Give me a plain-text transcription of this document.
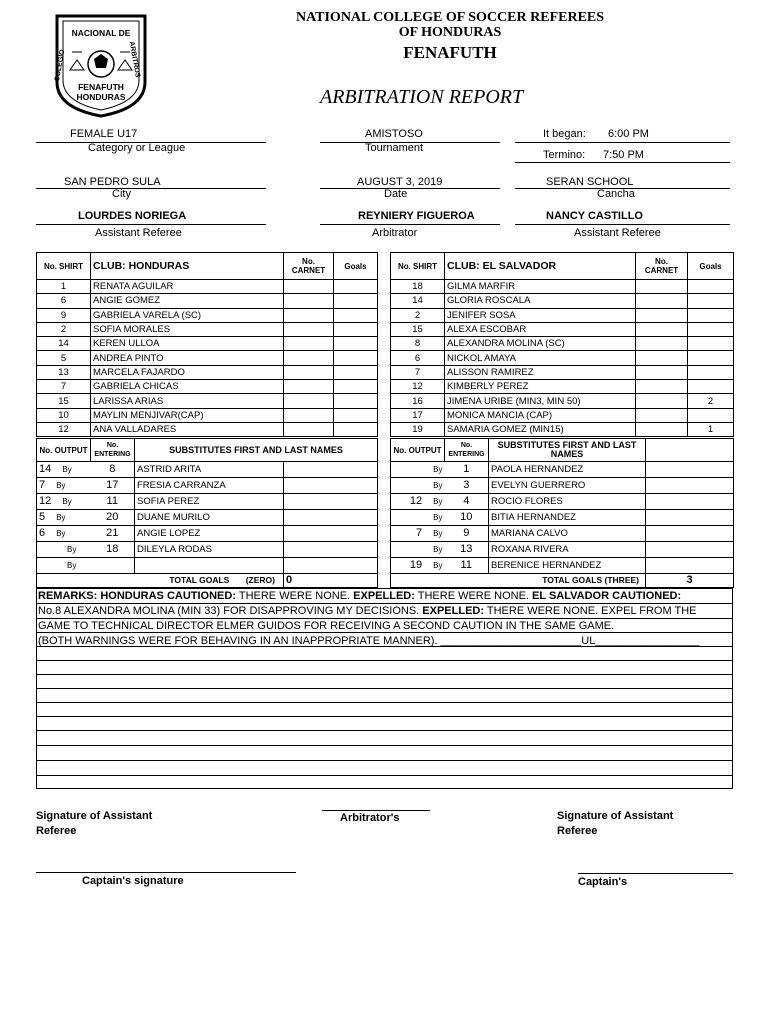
NACIONAL DE
COLEGIO	ARBITROS
FENAFUTH
HONDURAS
NATIONAL COLLEGE OF SOCCER REFEREES
OF HONDURAS
FENAFUTH
ARBITRATION REPORT
FEMALE U17
Category or League
AMISTOSO
Tournament
It began: 6:00 PM
Termino: 7:50 PM
SAN PEDRO SULA
City
AUGUST 3, 2019
Date
SERAN SCHOOL
Cancha
LOURDES NORIEGA
Assistant Referee
REYNIERY FIGUEROA
Arbitrator
NANCY CASTILLO
Assistant Referee
No. SHIRT	CLUB: HONDURAS	No. CARNET	Goals
1	RENATA AGUILAR		
6	ANGIE GOMEZ		
9	GABRIELA VARELA (SC)		
2	SOFIA MORALES		
14	KEREN ULLOA		
5	ANDREA PINTO		
13	MARCELA FAJARDO		
7	GABRIELA CHICAS		
15	LARISSA ARIAS		
10	MAYLIN MENJIVAR(CAP)		
12	ANA VALLADARES		
No. OUTPUT	No. ENTERING	SUBSTITUTES FIRST AND LAST NAMES	
14 By	8	ASTRID ARITA	
7 By	17	FRESIA CARRANZA	
12 By	11	SOFIA PEREZ	
5 By	20	DUANE MURILO	
6 By	21	ANGIE LOPEZ	
By	18	DILEYLA RODAS	
By			
TOTAL GOALS (ZERO)			0
No. SHIRT	CLUB: EL SALVADOR	No. CARNET	Goals
18	GILMA MARFIR		
14	GLORIA ROSCALA		
2	JENIFER SOSA		
15	ALEXA ESCOBAR		
8	ALEXANDRA MOLINA (SC)		
6	NICKOL AMAYA		
7	ALISSON RAMIREZ		
12	KIMBERLY PEREZ		
16	JIMENA URIBE (MIN3, MIN 50)		2
17	MONICA MANCIA (CAP)		
19	SAMARIA GOMEZ (MIN15)		1
No. OUTPUT	No. ENTERING	SUBSTITUTES FIRST AND LAST NAMES	
By	1	PAOLA HERNANDEZ	
By	3	EVELYN GUERRERO	
12 By	4	ROCIO FLORES	
By	10	BITIA HERNANDEZ	
7 By	9	MARIANA CALVO	
By	13	ROXANA RIVERA	
19 By	11	BERENICE HERNANDEZ	
TOTAL GOALS (THREE)			3
REMARKS: HONDURAS CAUTIONED: THERE WERE NONE. EXPELLED: THERE WERE NONE. EL SALVADOR CAUTIONED:
No.8 ALEXANDRA MOLINA (MIN 33) FOR DISAPPROVING MY DECISIONS. EXPELLED: THERE WERE NONE. EXPEL FROM THE
GAME TO TECHNICAL DIRECTOR ELMER GUIDOS FOR RECEIVING A SECOND CAUTION IN THE SAME GAME.
(BOTH WARNINGS WERE FOR BEHAVING IN AN INAPPROPRIATE MANNER). _______________________UL_________________
Signature of Assistant
Referee
Arbitrator's	Signature of Assistant
Referee
Captain's signature	Captain's
